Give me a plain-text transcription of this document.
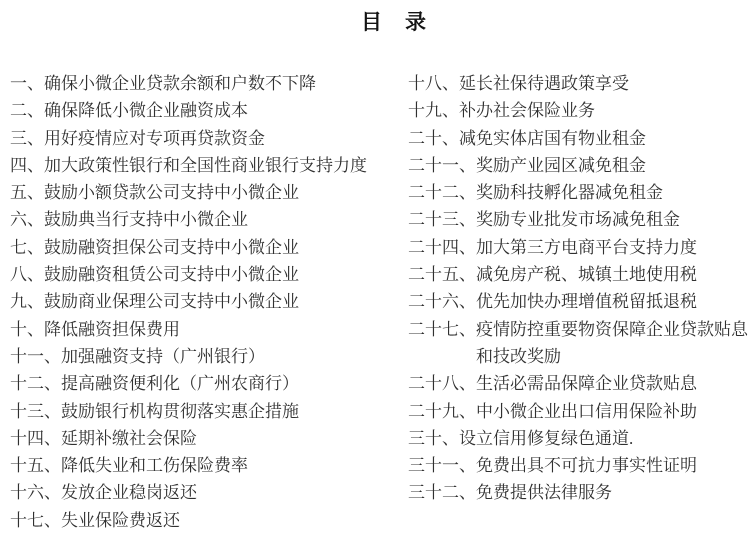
目　录
一、 确保小微企业贷款余额和户数不下降
二、 确保降低小微企业融资成本
三、 用好疫情应对专项再贷款资金
四、 加大政策性银行和全国性商业银行支持力度
五、 鼓励小额贷款公司支持中小微企业
六、 鼓励典当行支持中小微企业
七、 鼓励融资担保公司支持中小微企业
八、 鼓励融资租赁公司支持中小微企业
九、 鼓励商业保理公司支持中小微企业
十、 降低融资担保费用
十一、 加强融资支持（广州银行）
十二、 提高融资便利化（广州农商行）
十三、 鼓励银行机构贯彻落实惠企措施
十四、 延期补缴社会保险
十五、 降低失业和工伤保险费率
十六、 发放企业稳岗返还
十七、 失业保险费返还
十八、 延长社保待遇政策享受
十九、 补办社会保险业务
二十、 减免实体店国有物业租金
二十一、 奖励产业园区减免租金
二十二、 奖励科技孵化器减免租金
二十三、 奖励专业批发市场减免租金
二十四、 加大第三方电商平台支持力度
二十五、 减免房产税、城镇土地使用税
二十六、 优先加快办理增值税留抵退税
二十七、 疫情防控重要物资保障企业贷款贴息和技改奖励
二十八、 生活必需品保障企业贷款贴息
二十九、 中小微企业出口信用保险补助
三十、 设立信用修复绿色通道.
三十一、 免费出具不可抗力事实性证明
三十二、 免费提供法律服务
